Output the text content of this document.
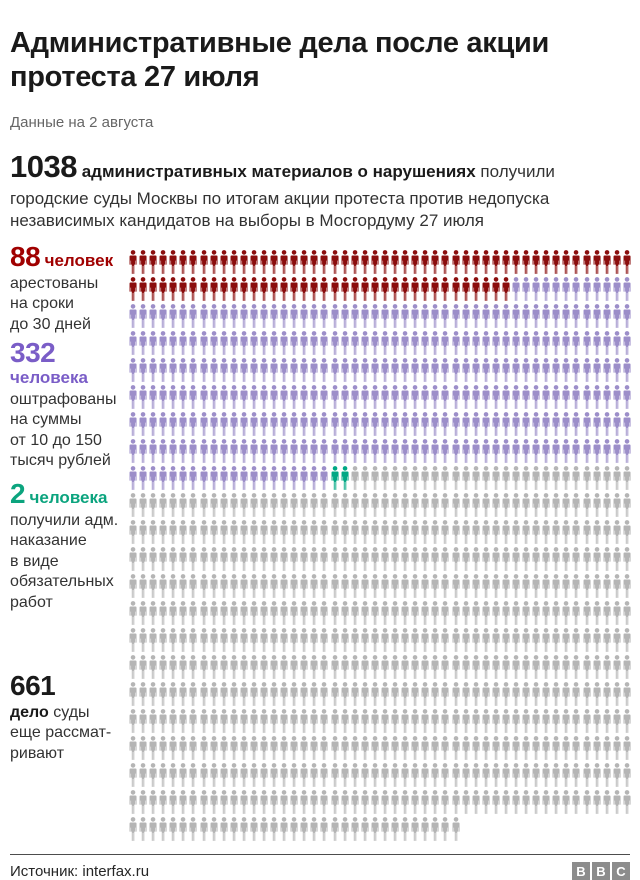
Административные дела после акции протеста 27 июля
Данные на 2 августа

1038 административных материалов о нарушениях получили городские суды Москвы по итогам акции протеста против недопуска независимых кандидатов на выборы в Мосгордуму 27 июля

88 человек
арестованы
на сроки
до 30 дней
332
человека
оштрафованы
на суммы
от 10 до 150
тысяч рублей
2 человека
получили адм.
наказание
в виде
обязательных
работ
661
дело суды
еще рассмат-
ривают
Источник: interfax.ru	B B C
